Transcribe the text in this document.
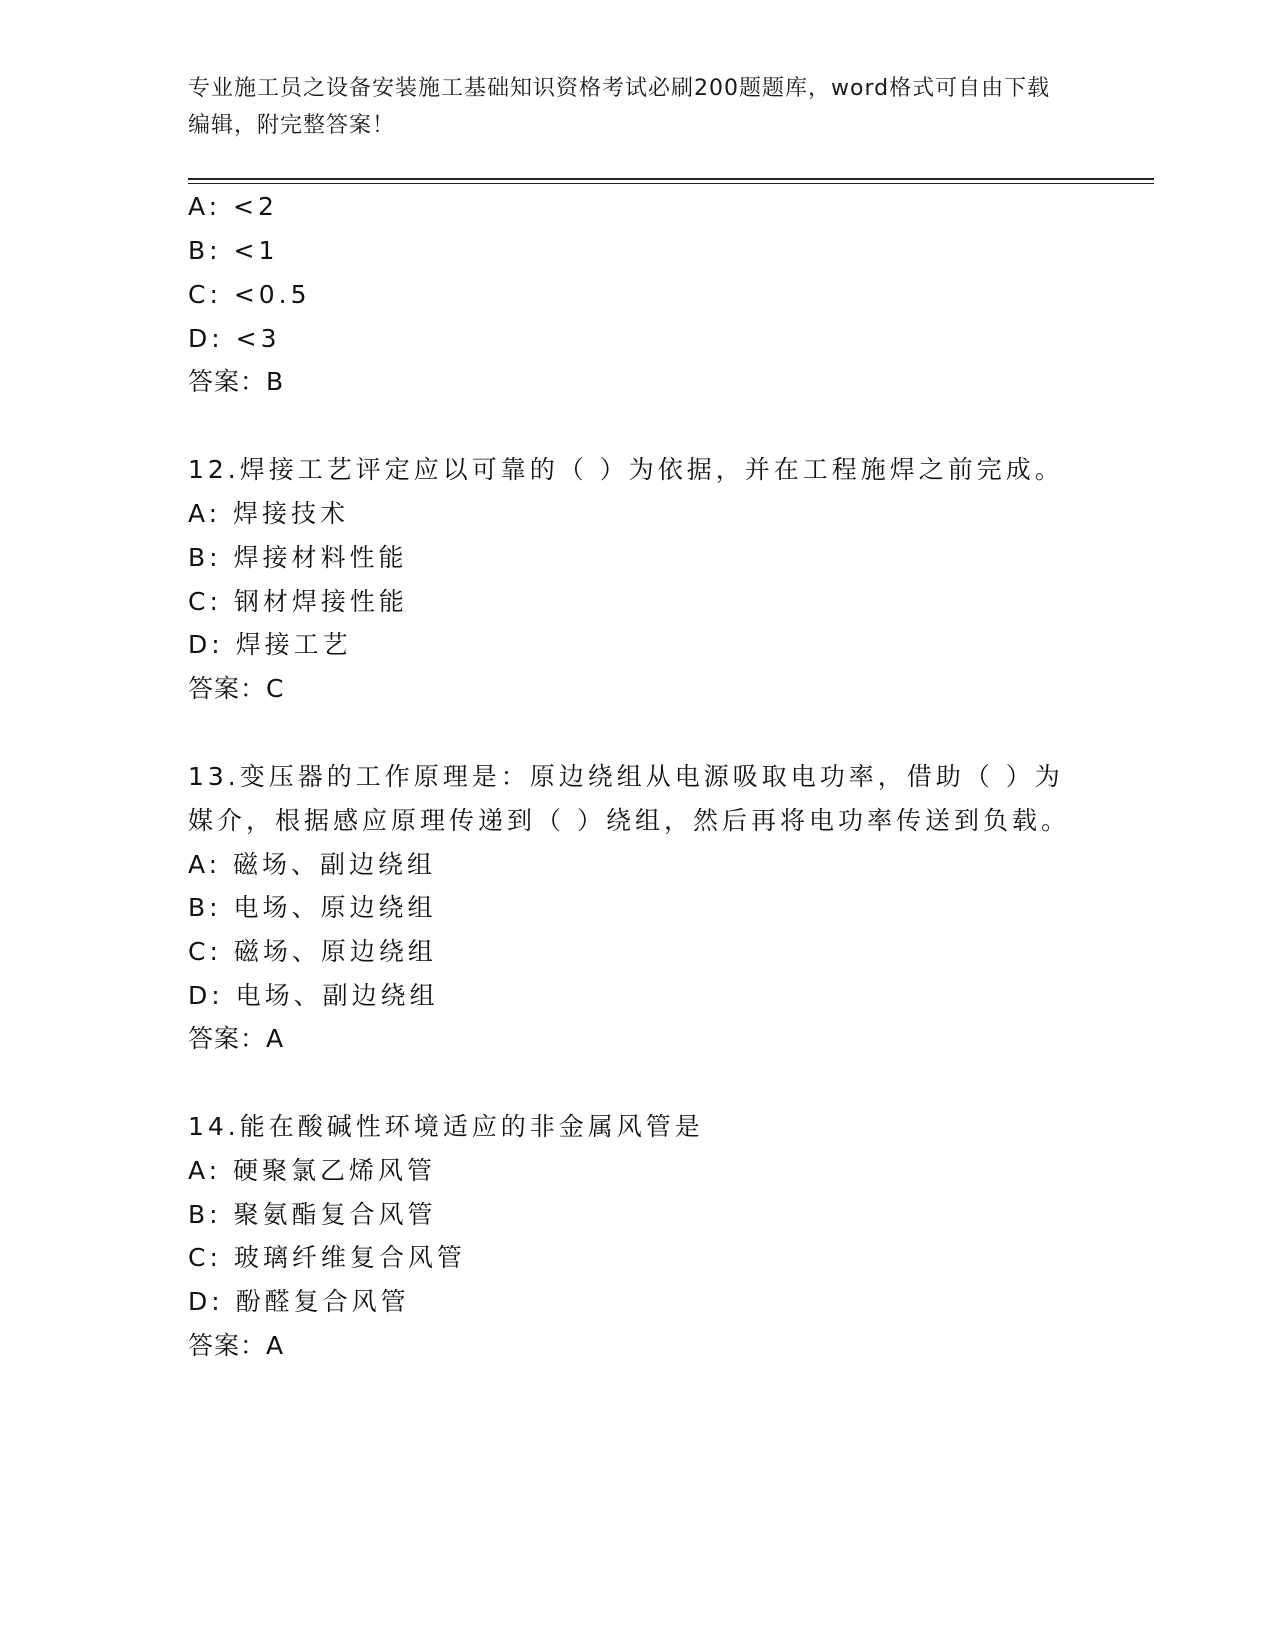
专业施工员之设备安装施工基础知识资格考试必刷200题题库，word格式可自由下载编辑，附完整答案！
A: <2
B: <1
C: <0.5
D: <3
答案：B
12.焊接工艺评定应以可靠的（ ）为依据，并在工程施焊之前完成。
A: 焊接技术
B: 焊接材料性能
C: 钢材焊接性能
D: 焊接工艺
答案：C
13.变压器的工作原理是：原边绕组从电源吸取电功率，借助（ ）为
媒介，根据感应原理传递到（ ）绕组，然后再将电功率传送到负载。
A: 磁场、副边绕组
B: 电场、原边绕组
C: 磁场、原边绕组
D: 电场、副边绕组
答案：A
14.能在酸碱性环境适应的非金属风管是
A: 硬聚氯乙烯风管
B: 聚氨酯复合风管
C: 玻璃纤维复合风管
D: 酚醛复合风管
答案：A
